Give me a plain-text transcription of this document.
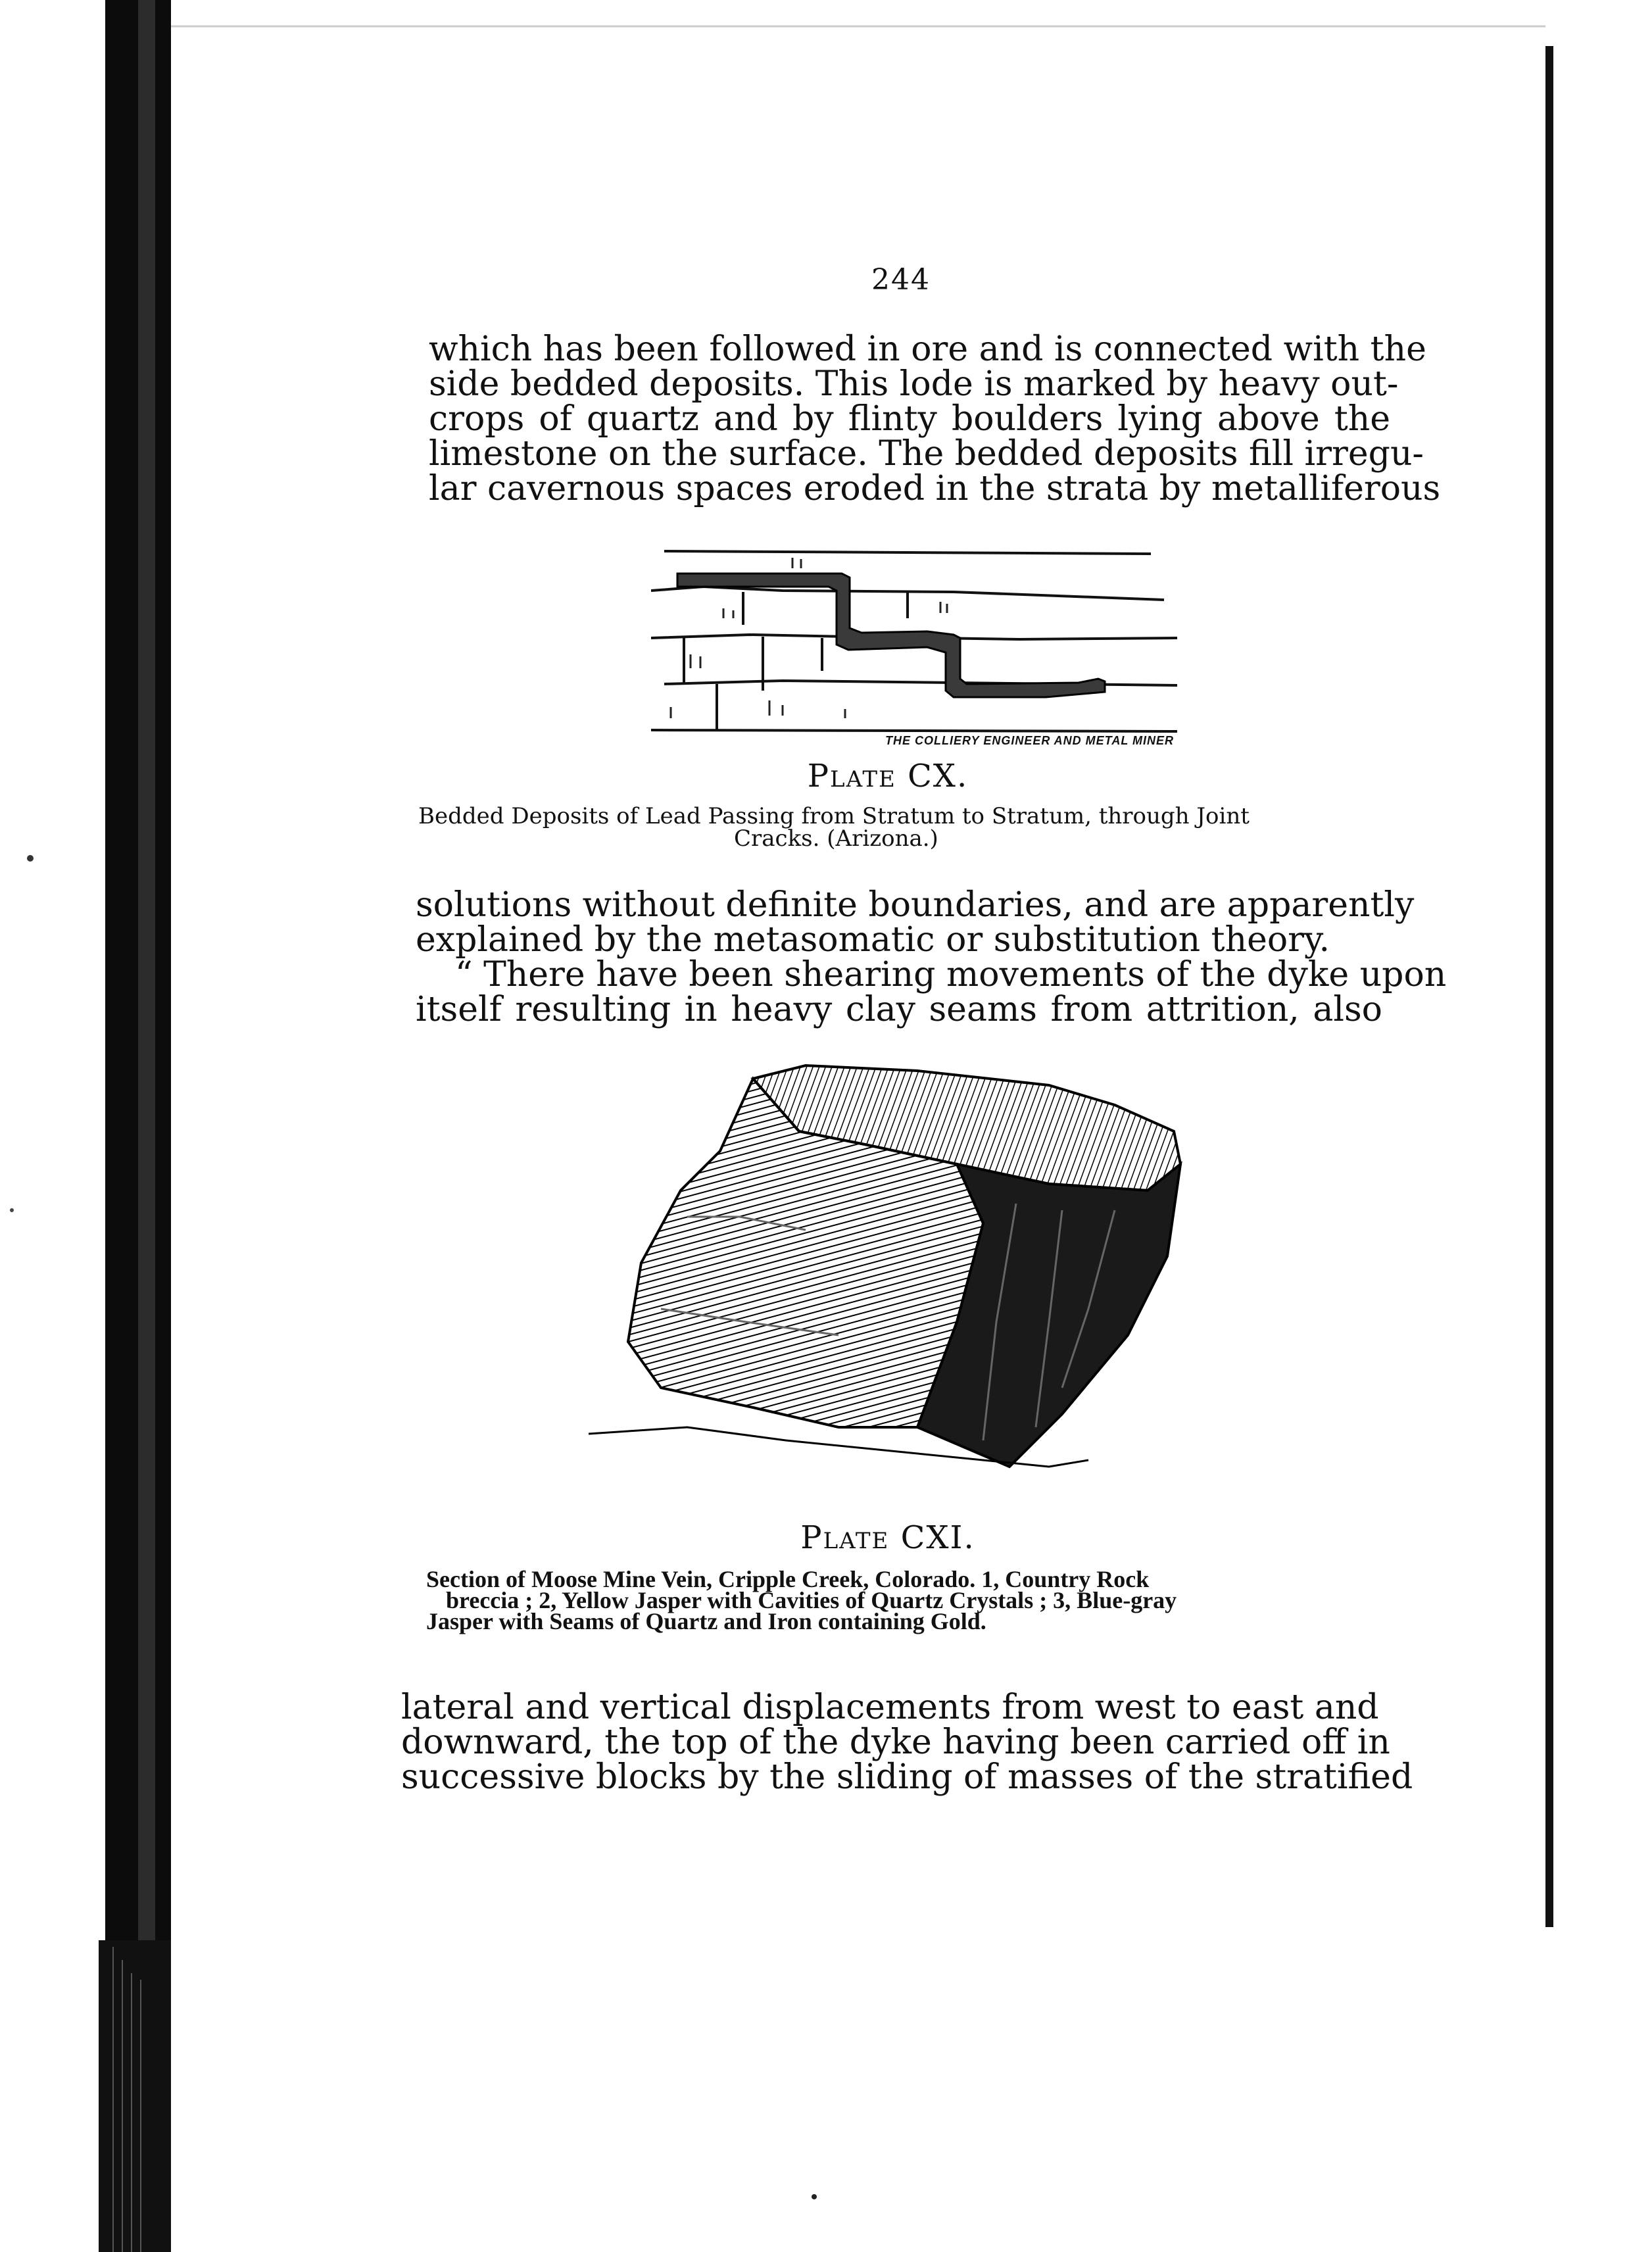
244
which has been followed in ore and is connected with the
side bedded deposits. This lode is marked by heavy out-
crops of quartz and by flinty boulders lying above the
limestone on the surface. The bedded deposits fill irregu-
lar cavernous spaces eroded in the strata by metalliferous
THE COLLIERY ENGINEER AND METAL MINER
Plate CX.
Bedded Deposits of Lead Passing from Stratum to Stratum, through Joint
Cracks. (Arizona.)
solutions without definite boundaries, and are apparently
explained by the metasomatic or substitution theory.
“ There have been shearing movements of the dyke upon
itself resulting in heavy clay seams from attrition, also
Plate CXI.
Section of Moose Mine Vein, Cripple Creek, Colorado. 1, Country Rock
breccia ; 2, Yellow Jasper with Cavities of Quartz Crystals ; 3, Blue-gray
Jasper with Seams of Quartz and Iron containing Gold.
lateral and vertical displacements from west to east and
downward, the top of the dyke having been carried off in
successive blocks by the sliding of masses of the stratified
